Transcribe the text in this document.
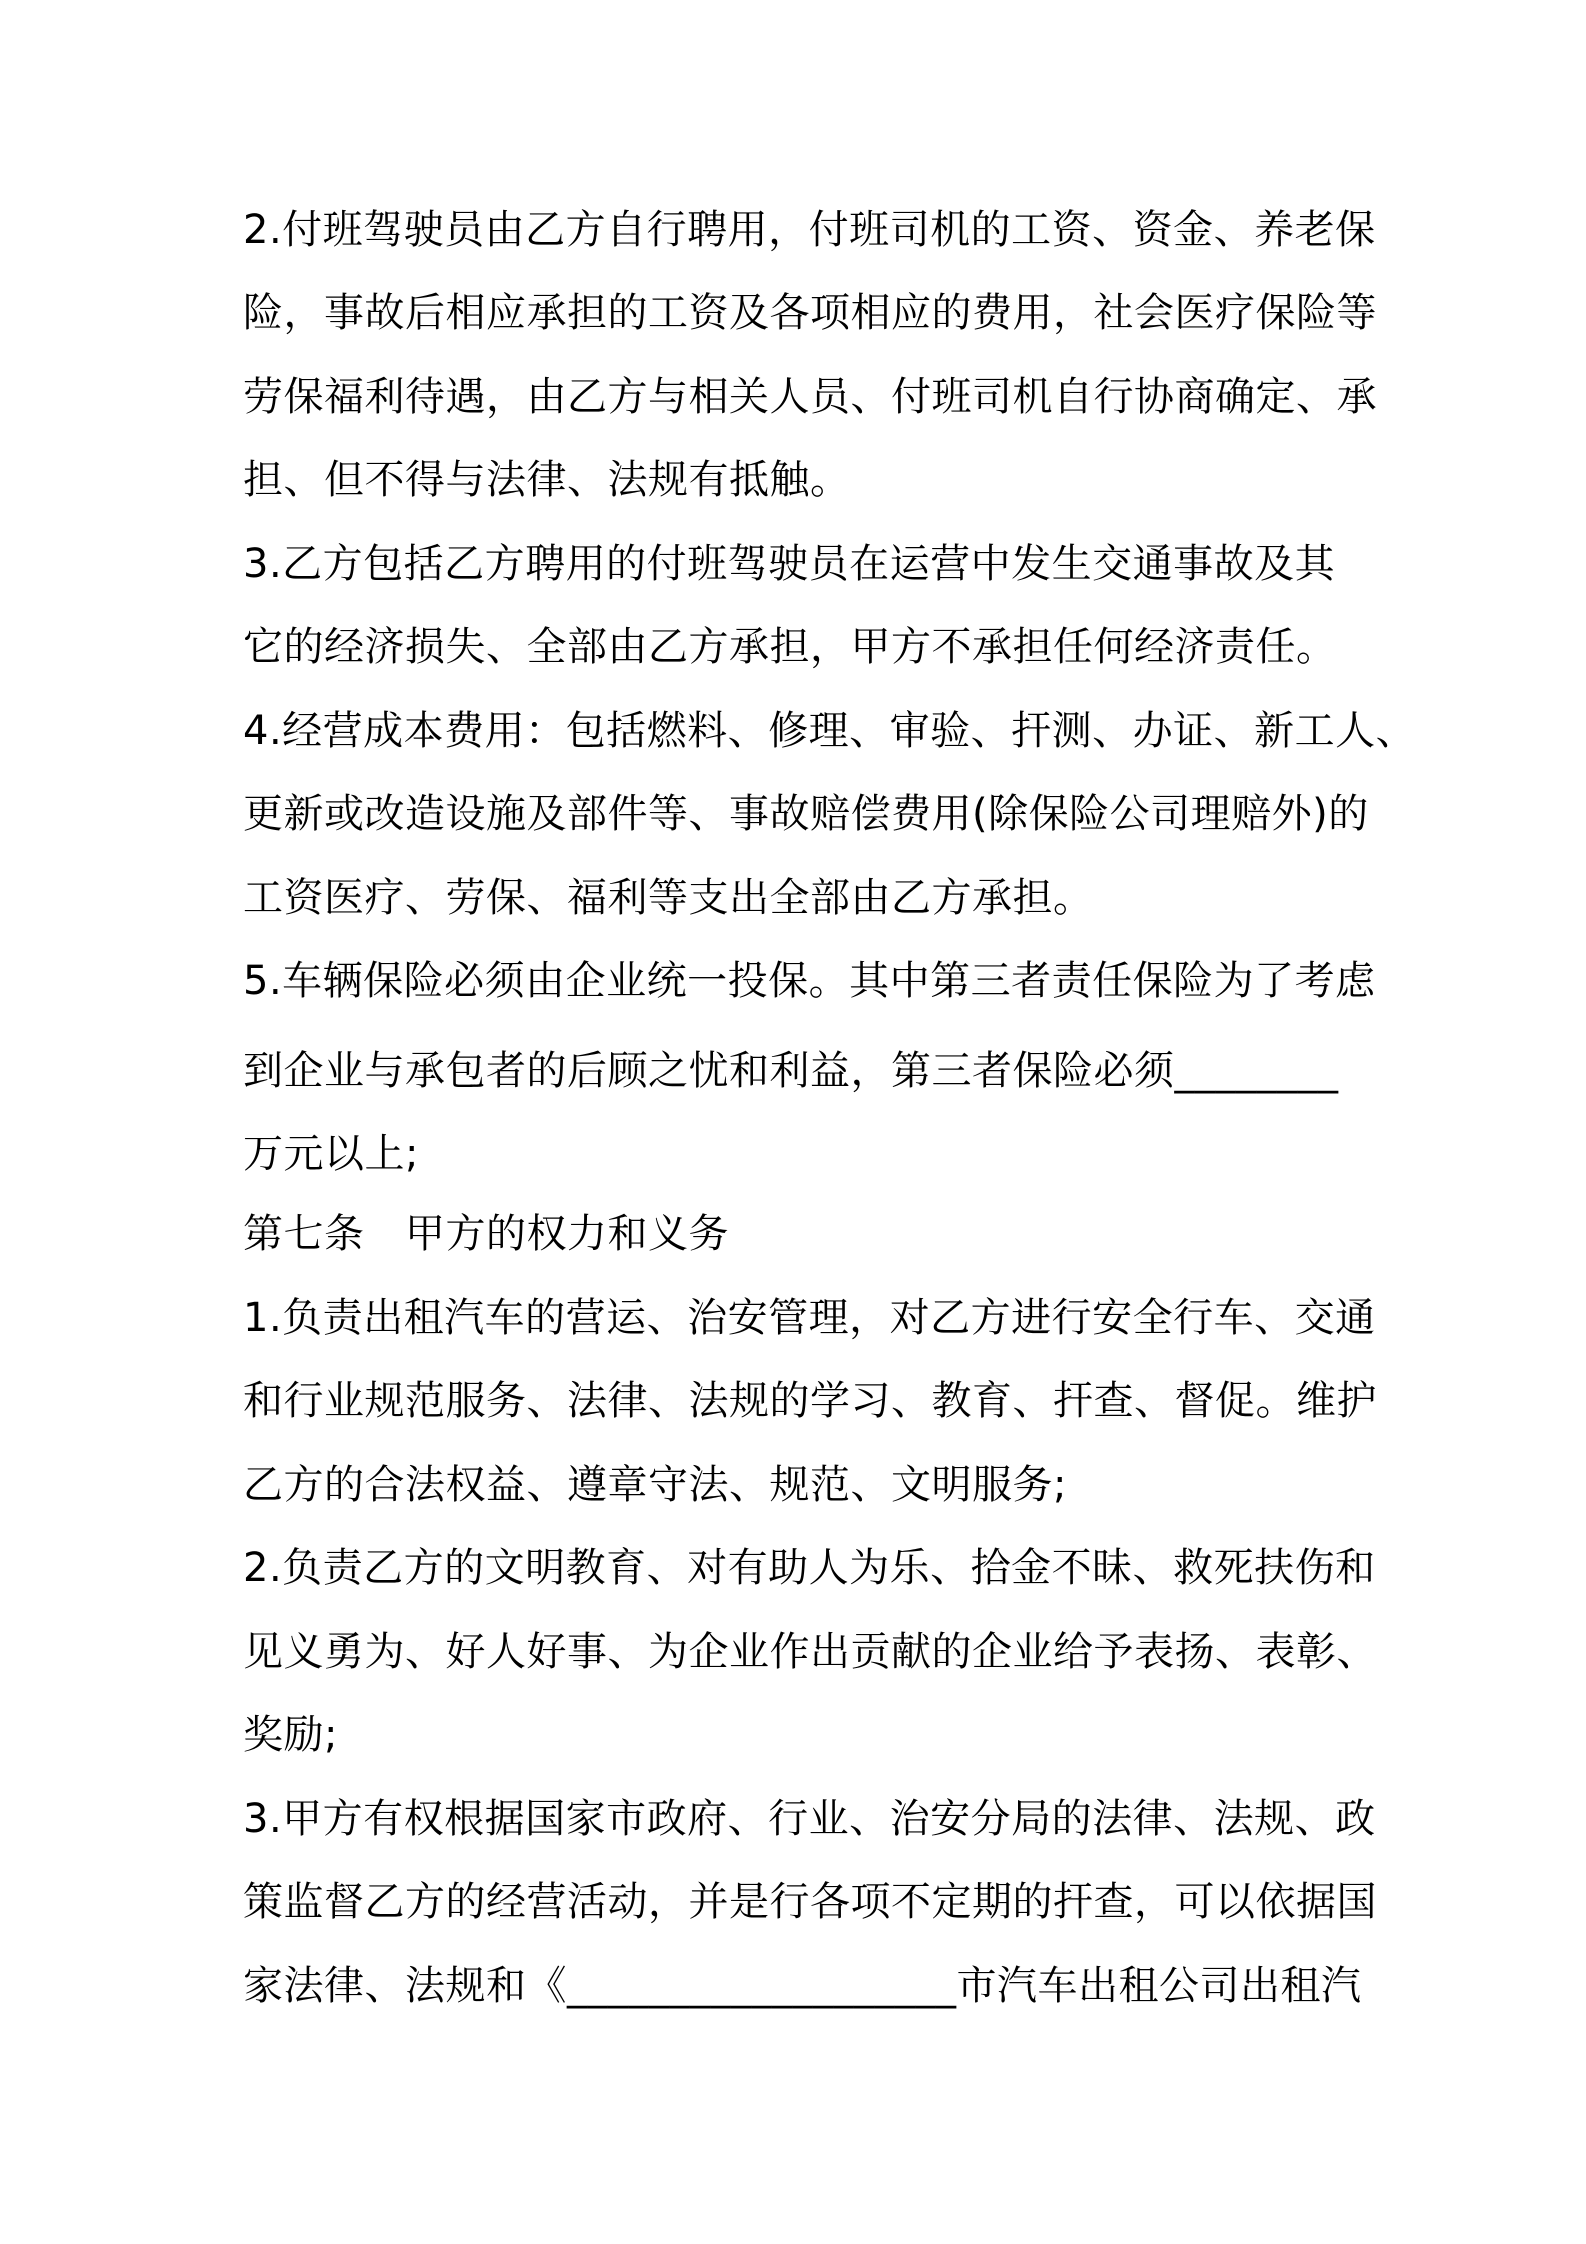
2.付班驾驶员由乙方自行聘用，付班司机的工资、资金、养老保
险，事故后相应承担的工资及各项相应的费用，社会医疗保险等
劳保福利待遇，由乙方与相关人员、付班司机自行协商确定、承
担、但不得与法律、法规有抵触。
3.乙方包括乙方聘用的付班驾驶员在运营中发生交通事故及其
它的经济损失、全部由乙方承担，甲方不承担任何经济责任。
4.经营成本费用：包括燃料、修理、审验、扞测、办证、新工人、
更新或改造设施及部件等、事故赔偿费用(除保险公司理赔外)的
工资医疗、劳保、福利等支出全部由乙方承担。
5.车辆保险必须由企业统一投保。其中第三者责任保险为了考虑
到企业与承包者的后顾之忧和利益，第三者保险必须________
万元以上;
第七条　甲方的权力和义务
1.负责出租汽车的营运、治安管理，对乙方进行安全行车、交通
和行业规范服务、法律、法规的学习、教育、扞查、督促。维护
乙方的合法权益、遵章守法、规范、文明服务;
2.负责乙方的文明教育、对有助人为乐、拾金不昧、救死扶伤和
见义勇为、好人好事、为企业作出贡献的企业给予表扬、表彰、
奖励;
3.甲方有权根据国家市政府、行业、治安分局的法律、法规、政
策监督乙方的经营活动，并是行各项不定期的扞查，可以依据国
家法律、法规和《___________________市汽车出租公司出租汽
